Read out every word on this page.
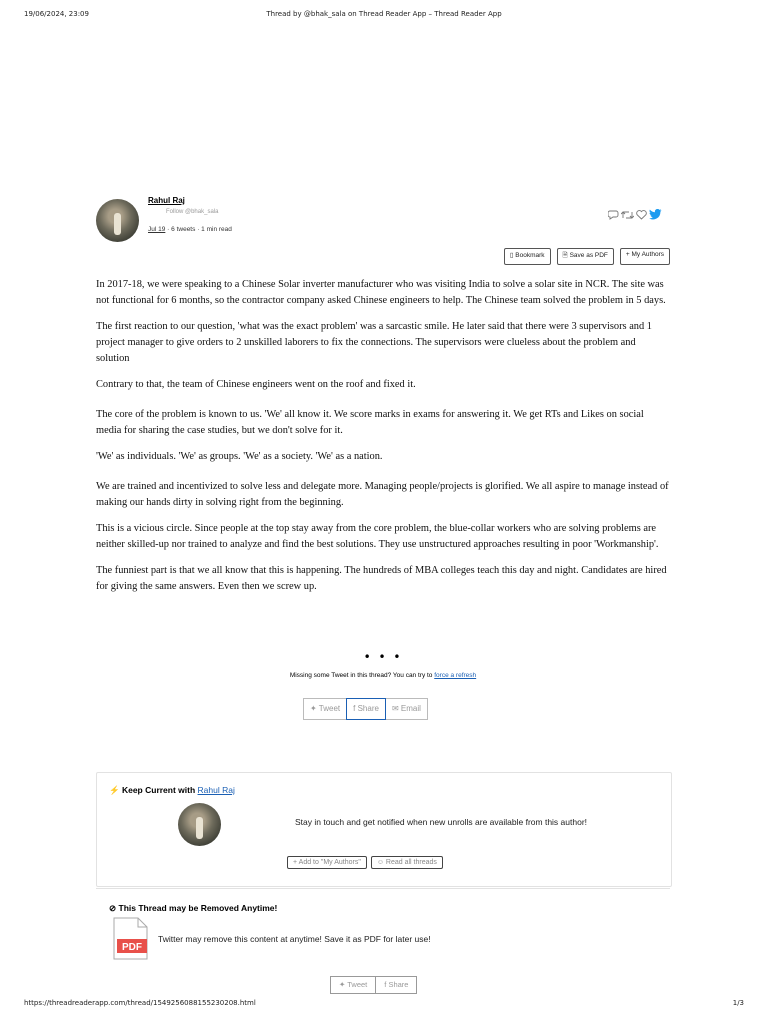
19/06/2024, 23:09	Thread by @bhak_sala on Thread Reader App – Thread Reader App
Rahul Raj
Follow @bhak_sala
Jul 19 · 6 tweets · 1 min read
▯ Bookmark	🗎 Save as PDF	+ My Authors

In 2017-18, we were speaking to a Chinese Solar inverter manufacturer who was visiting India to solve a solar site in NCR. The site was not functional for 6 months, so the contractor company asked Chinese engineers to help. The Chinese team solved the problem in 5 days.

The first reaction to our question, 'what was the exact problem' was a sarcastic smile. He later said that there were 3 supervisors and 1 project manager to give orders to 2 unskilled laborers to fix the connections. The supervisors were clueless about the problem and solution

Contrary to that, the team of Chinese engineers went on the roof and fixed it.

The core of the problem is known to us. 'We' all know it. We score marks in exams for answering it. We get RTs and Likes on social media for sharing the case studies, but we don't solve for it.

'We' as individuals. 'We' as groups. 'We' as a society. 'We' as a nation.

We are trained and incentivized to solve less and delegate more. Managing people/projects is glorified. We all aspire to manage instead of making our hands dirty in solving right from the beginning.

This is a vicious circle. Since people at the top stay away from the core problem, the blue-collar workers who are solving problems are neither skilled-up nor trained to analyze and find the best solutions. They use unstructured approaches resulting in poor 'Workmanship'.

The funniest part is that we all know that this is happening. The hundreds of MBA colleges teach this day and night. Candidates are hired for giving the same answers. Even then we screw up.

• • •
Missing some Tweet in this thread? You can try to force a refresh
✦ Tweet	f Share	✉ Email
⚡ Keep Current with Rahul Raj
Stay in touch and get notified when new unrolls are available from this author!
+ Add to "My Authors"	☺ Read all threads
⊘ This Thread may be Removed Anytime!
PDF
Twitter may remove this content at anytime! Save it as PDF for later use!
✦ Tweet	f Share
https://threadreaderapp.com/thread/1549256088155230208.html	1/3
